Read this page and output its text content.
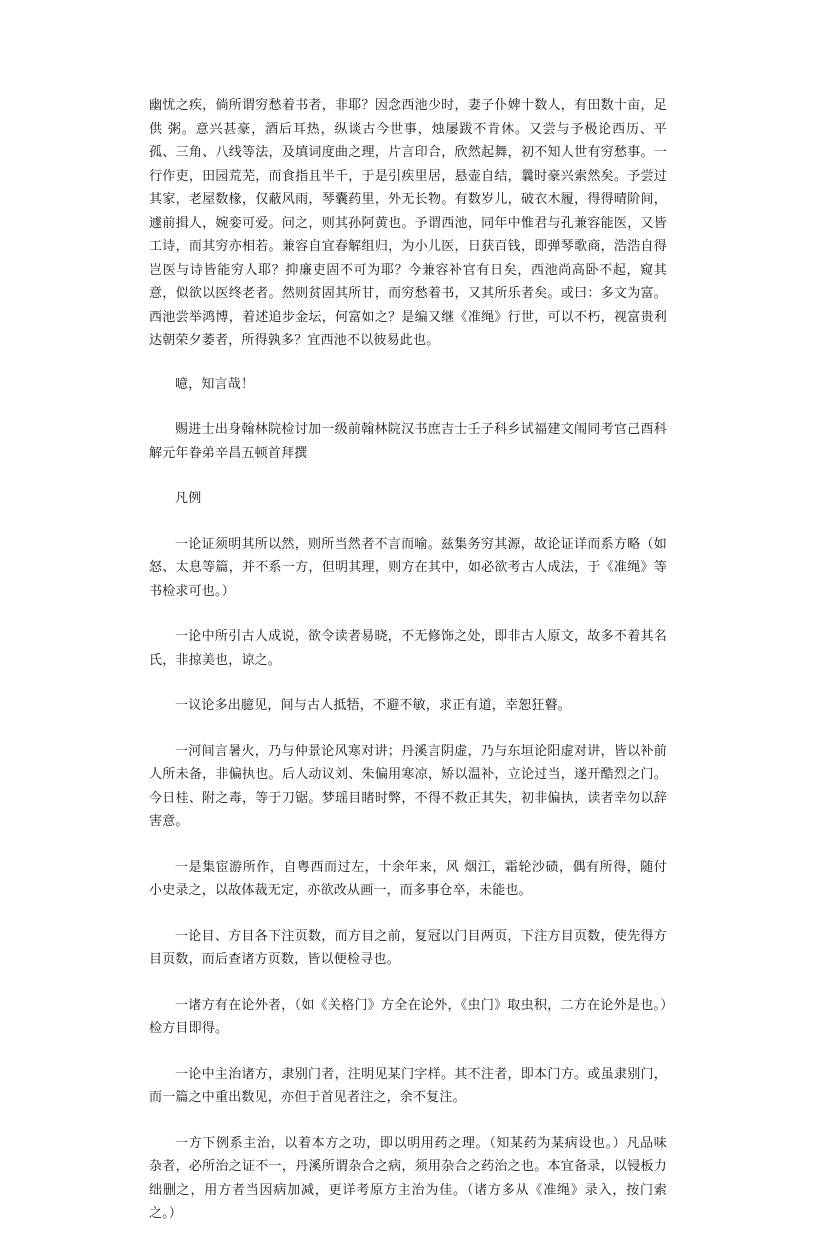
幽忧之疾，倘所谓穷愁着书者，非耶？因念西池少时，妻子仆婢十数人，有田数十亩，足供 粥。意兴甚豪，酒后耳热，纵谈古今世事，烛屡跋不肯休。又尝与予极论西历、平孤、三角、八线等法，及填词度曲之理，片言印合，欣然起舞，初不知人世有穷愁事。一行作吏，田园荒芜，而食指且半千，于是引疾里居，悬壶自结，曩时豪兴索然矣。予尝过其家，老屋数椽，仅蔽风雨，琴囊药里，外无长物。有数岁儿，破衣木履，得得晴阶间，遽前揖人，婉娈可爱。问之，则其孙阿黄也。予谓西池，同年中惟君与孔兼容能医，又皆工诗，而其穷亦相若。兼容自宜春解组归，为小儿医，日获百钱，即弹琴歌商，浩浩自得岂医与诗皆能穷人耶？抑廉吏固不可为耶？今兼容补官有日矣，西池尚高卧不起，窥其意，似欲以医终老者。然则贫固其所甘，而穷愁着书，又其所乐者矣。或曰：多文为富。西池尝举鸿博，着述追步金坛，何富如之？是编又继《准绳》行世，可以不朽，视富贵利达朝荣夕萎者，所得孰多？宜西池不以彼易此也。

噫，知言哉！

赐进士出身翰林院检讨加一级前翰林院汉书庶吉士壬子科乡试福建文闱同考官己酉科解元年眷弟辛昌五顿首拜撰

凡例

一论证须明其所以然，则所当然者不言而喻。兹集务穷其源，故论证详而系方略（如怒、太息等篇，并不系一方，但明其理，则方在其中，如必欲考古人成法，于《准绳》等书检求可也。）

一论中所引古人成说，欲令读者易晓，不无修饰之处，即非古人原文，故多不着其名氏，非掠美也，谅之。

一议论多出臆见，间与古人抵牾，不避不敏，求正有道，幸恕狂瞽。

一河间言暑火，乃与仲景论风寒对讲；丹溪言阴虚，乃与东垣论阳虚对讲，皆以补前人所未备，非偏执也。后人动议刘、朱偏用寒凉，矫以温补，立论过当，遂开酷烈之门。今日桂、附之毒，等于刀锯。梦瑶目睹时弊，不得不救正其失，初非偏执，读者幸勿以辞害意。

一是集宦游所作，自粤西而过左，十余年来，风 烟江，霜轮沙碛，偶有所得，随付小史录之，以故体裁无定，亦欲改从画一，而多事仓卒，未能也。

一论目、方目各下注页数，而方目之前，复冠以门目两页，下注方目页数，使先得方目页数，而后查诸方页数，皆以便检寻也。

一诸方有在论外者，（如《关格门》方全在论外，《虫门》取虫积，二方在论外是也。）检方目即得。

一论中主治诸方，隶别门者，注明见某门字样。其不注者，即本门方。或虽隶别门，而一篇之中重出数见，亦但于首见者注之，余不复注。

一方下例系主治，以着本方之功，即以明用药之理。（知某药为某病设也。）凡品味 杂者，必所治之证不一，丹溪所谓杂合之病，须用杂合之药治之也。本宜备录，以锓板力绌删之，用方者当因病加减，更详考原方主治为佳。（诸方多从《准绳》录入，按门索之。）
